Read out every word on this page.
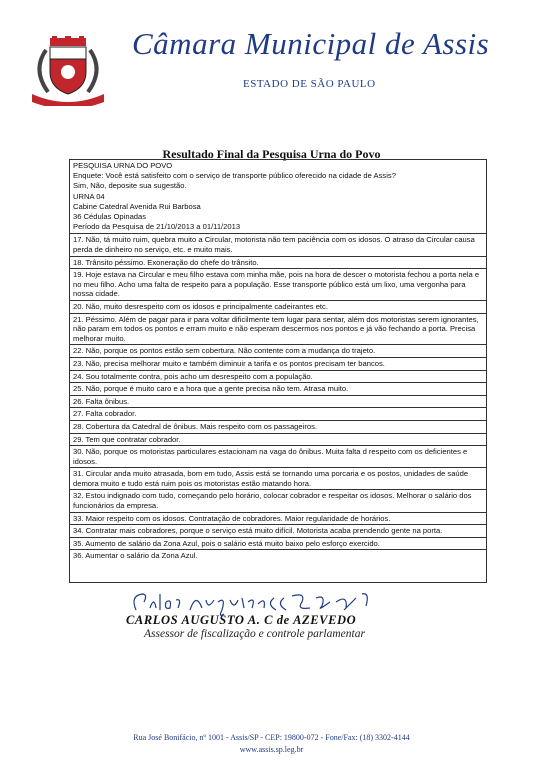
Câmara Municipal de Assis
ESTADO DE SÃO PAULO
Resultado Final da Pesquisa Urna do Povo
PESQUISA URNA DO POVO
Enquete: Você está satisfeito com o serviço de transporte público oferecido na cidade de Assis?
Sim, Não, deposite sua sugestão.
URNA 04
Cabine Catedral Avenida Rui Barbosa
36 Cédulas Opinadas
Período da Pesquisa de 21/10/2013 a 01/11/2013
17. Não, tá muito ruim, quebra muito a Circular, motorista não tem paciência com os idosos. O atraso da Circular causa perda de dinheiro no serviço, etc. e muito mais.
18. Trânsito péssimo. Exoneração do chefe do trânsito.
19. Hoje estava na Circular e meu filho estava com minha mãe, pois na hora de descer o motorista fechou a porta nela e no meu filho. Acho uma falta de respeito para a população. Esse transporte público está um lixo, uma vergonha para nossa cidade.
20. Não, muito desrespeito com os idosos e principalmente cadeirantes etc.
21. Péssimo. Além de pagar para ir para voltar dificilmente tem lugar para sentar, além dos motoristas serem ignorantes, não param em todos os pontos e erram muito e não esperam descermos nos pontos e já vão fechando a porta. Precisa melhorar muito.
22. Não, porque os pontos estão sem cobertura. Não contente com a mudança do trajeto.
23. Não, precisa melhorar muito e também diminuir a tarifa e os pontos precisam ter bancos.
24. Sou totalmente contra, pois acho um desrespeito com a população.
25. Não, porque é muito caro e a hora que a gente precisa não tem. Atrasa muito.
26. Falta ônibus.
27. Falta cobrador.
28. Cobertura da Catedral de ônibus. Mais respeito com os passageiros.
29. Tem que contratar cobrador.
30. Não, porque os motoristas particulares estacionam na vaga do ônibus. Muita falta d respeito com os deficientes e idosos.
31. Circular anda muito atrasada, bom em tudo, Assis está se tornando uma porcaria e os postos, unidades de saúde demora muito e tudo está ruim pois os motoristas estão matando hora.
32. Estou indignado com tudo, começando pelo horário, colocar cobrador e respeitar os idosos. Melhorar o salário dos funcionários da empresa.
33. Maior respeito com os idosos. Contratação de cobradores. Maior regularidade de horários.
34. Contratar mais cobradores, porque o serviço está muito difícil. Motorista acaba prendendo gente na porta.
35. Aumento de salário da Zona Azul, pois o salário está muito baixo pelo esforço exercido.
36. Aumentar o salário da Zona Azul.
CARLOS AUGUSTO A. C de AZEVEDO
Assessor de fiscalização e controle parlamentar
Rua José Bonifácio, nº 1001 - Assis/SP - CEP: 19800-072 - Fone/Fax: (18) 3302-4144
www.assis.sp.leg.br
